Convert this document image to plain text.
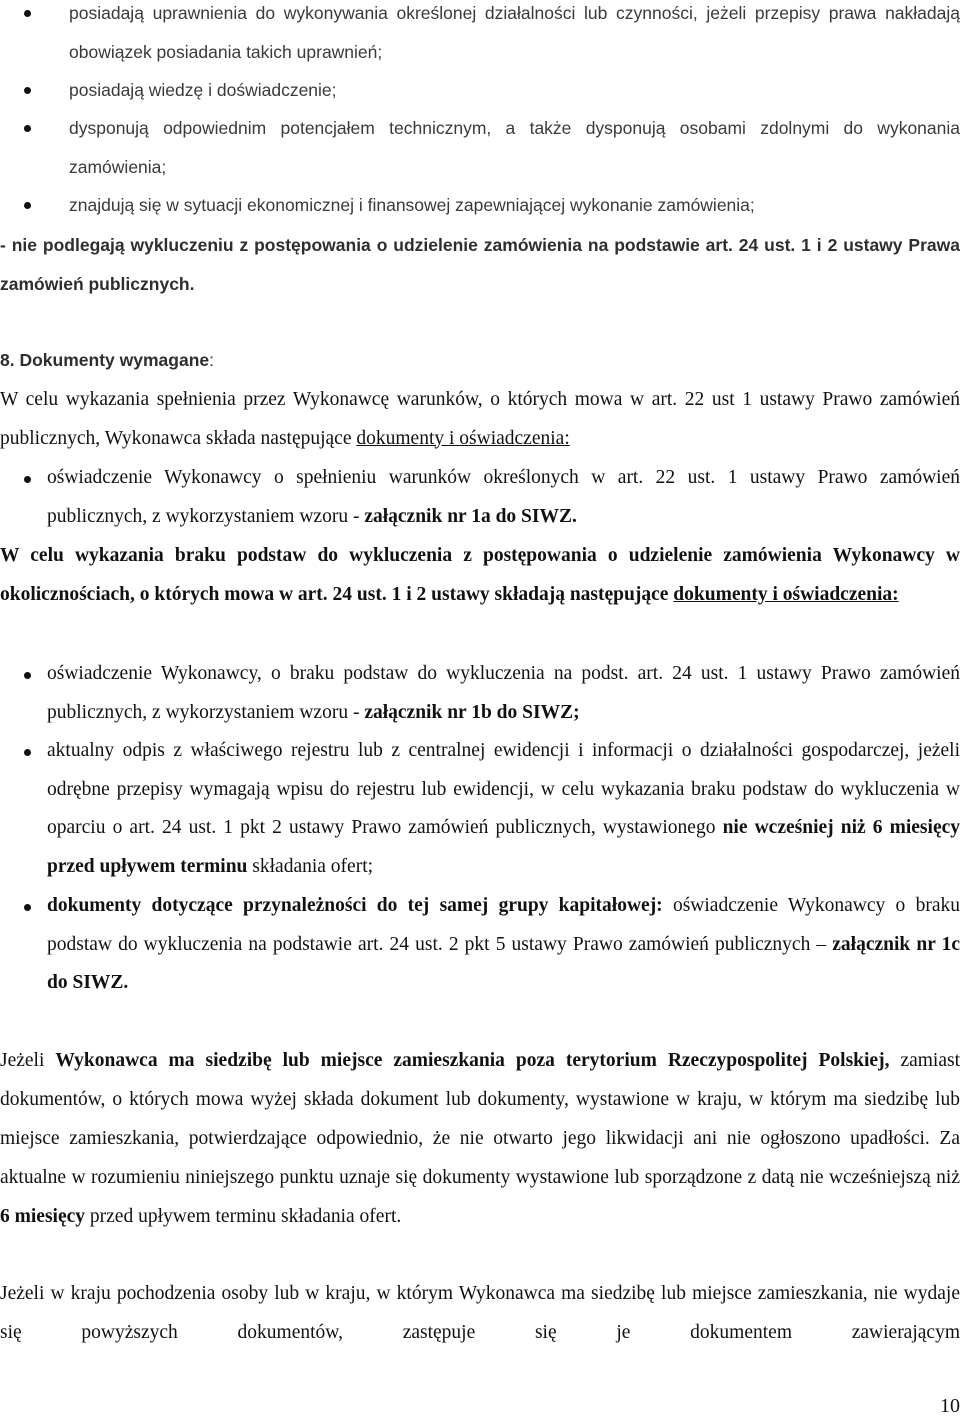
posiadają uprawnienia do wykonywania określonej działalności lub czynności, jeżeli przepisy prawa nakładają obowiązek posiadania takich uprawnień;

posiadają wiedzę i doświadczenie;

dysponują odpowiednim potencjałem technicznym, a także dysponują osobami zdolnymi do wykonania zamówienia;

znajdują się w sytuacji ekonomicznej i finansowej zapewniającej wykonanie zamówienia;

- nie podlegają wykluczeniu z postępowania o udzielenie zamówienia na podstawie art. 24 ust. 1 i 2 ustawy Prawa zamówień publicznych.

8. Dokumenty wymagane:

W celu wykazania spełnienia przez Wykonawcę warunków, o których mowa w art. 22 ust 1 ustawy Prawo zamówień publicznych, Wykonawca składa następujące dokumenty i oświadczenia:

oświadczenie Wykonawcy o spełnieniu warunków określonych w art. 22 ust. 1 ustawy Prawo zamówień publicznych, z wykorzystaniem wzoru - załącznik nr 1a do SIWZ.

W celu wykazania braku podstaw do wykluczenia z postępowania o udzielenie zamówienia Wykonawcy w okolicznościach, o których mowa w art. 24 ust. 1 i 2 ustawy składają następujące dokumenty i oświadczenia:

oświadczenie Wykonawcy, o braku podstaw do wykluczenia na podst. art. 24 ust. 1 ustawy Prawo zamówień publicznych, z wykorzystaniem wzoru - załącznik nr 1b do SIWZ;

aktualny odpis z właściwego rejestru lub z centralnej ewidencji i informacji o działalności gospodarczej, jeżeli odrębne przepisy wymagają wpisu do rejestru lub ewidencji, w celu wykazania braku podstaw do wykluczenia w oparciu o art. 24 ust. 1 pkt 2 ustawy Prawo zamówień publicznych, wystawionego nie wcześniej niż 6 miesięcy przed upływem terminu składania ofert;

dokumenty dotyczące przynależności do tej samej grupy kapitałowej: oświadczenie Wykonawcy o braku podstaw do wykluczenia na podstawie art. 24 ust. 2 pkt 5 ustawy Prawo zamówień publicznych – załącznik nr 1c do SIWZ.

Jeżeli Wykonawca ma siedzibę lub miejsce zamieszkania poza terytorium Rzeczypospolitej Polskiej, zamiast dokumentów, o których mowa wyżej składa dokument lub dokumenty, wystawione w kraju, w którym ma siedzibę lub miejsce zamieszkania, potwierdzające odpowiednio, że nie otwarto jego likwidacji ani nie ogłoszono upadłości. Za aktualne w rozumieniu niniejszego punktu uznaje się dokumenty wystawione lub sporządzone z datą nie wcześniejszą niż 6 miesięcy przed upływem terminu składania ofert.

Jeżeli w kraju pochodzenia osoby lub w kraju, w którym Wykonawca ma siedzibę lub miejsce zamieszkania, nie wydaje się powyższych dokumentów, zastępuje się je dokumentem zawierającym

10
